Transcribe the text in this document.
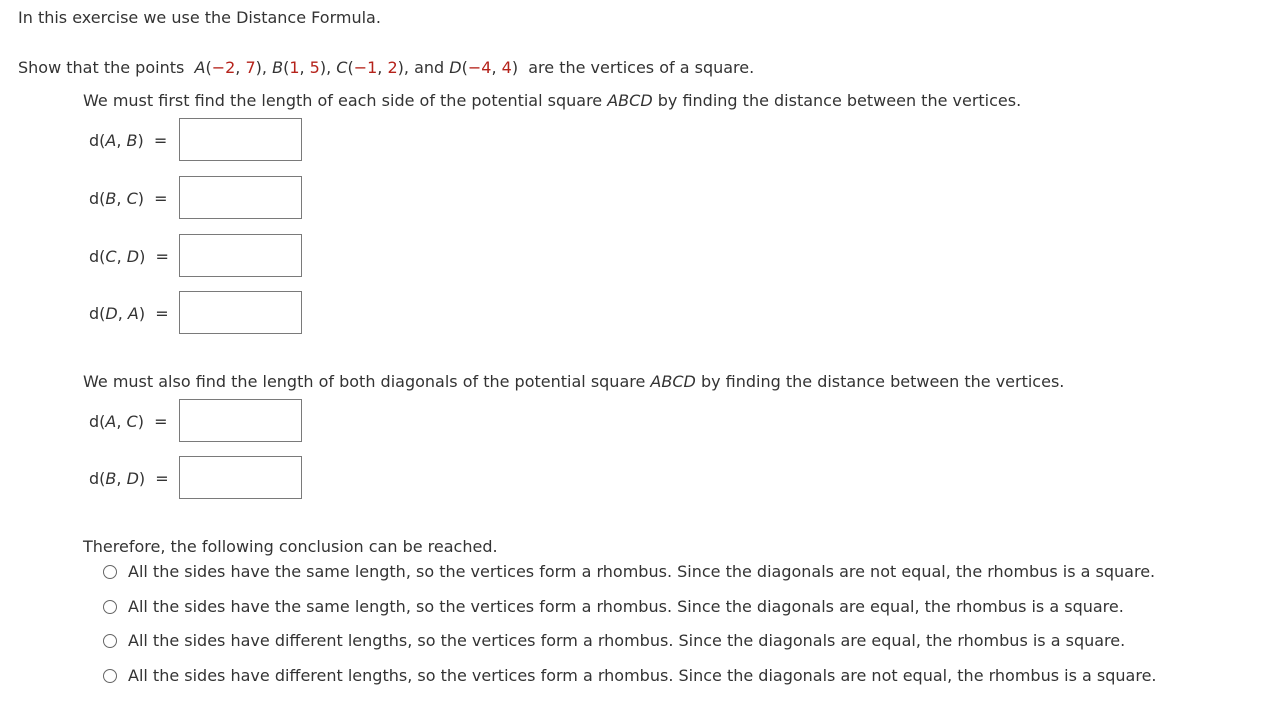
In this exercise we use the Distance Formula.
Show that the points A(−2, 7), B(1, 5), C(−1, 2), and D(−4, 4)  are the vertices of a square.
We must first find the length of each side of the potential square ABCD by finding the distance between the vertices.
d(A, B)  =
d(B, C)  =
d(C, D)  =
d(D, A)  =
We must also find the length of both diagonals of the potential square ABCD by finding the distance between the vertices.
d(A, C)  =
d(B, D)  =
Therefore, the following conclusion can be reached.
All the sides have the same length, so the vertices form a rhombus. Since the diagonals are not equal, the rhombus is a square.
All the sides have the same length, so the vertices form a rhombus. Since the diagonals are equal, the rhombus is a square.
All the sides have different lengths, so the vertices form a rhombus. Since the diagonals are equal, the rhombus is a square.
All the sides have different lengths, so the vertices form a rhombus. Since the diagonals are not equal, the rhombus is a square.
